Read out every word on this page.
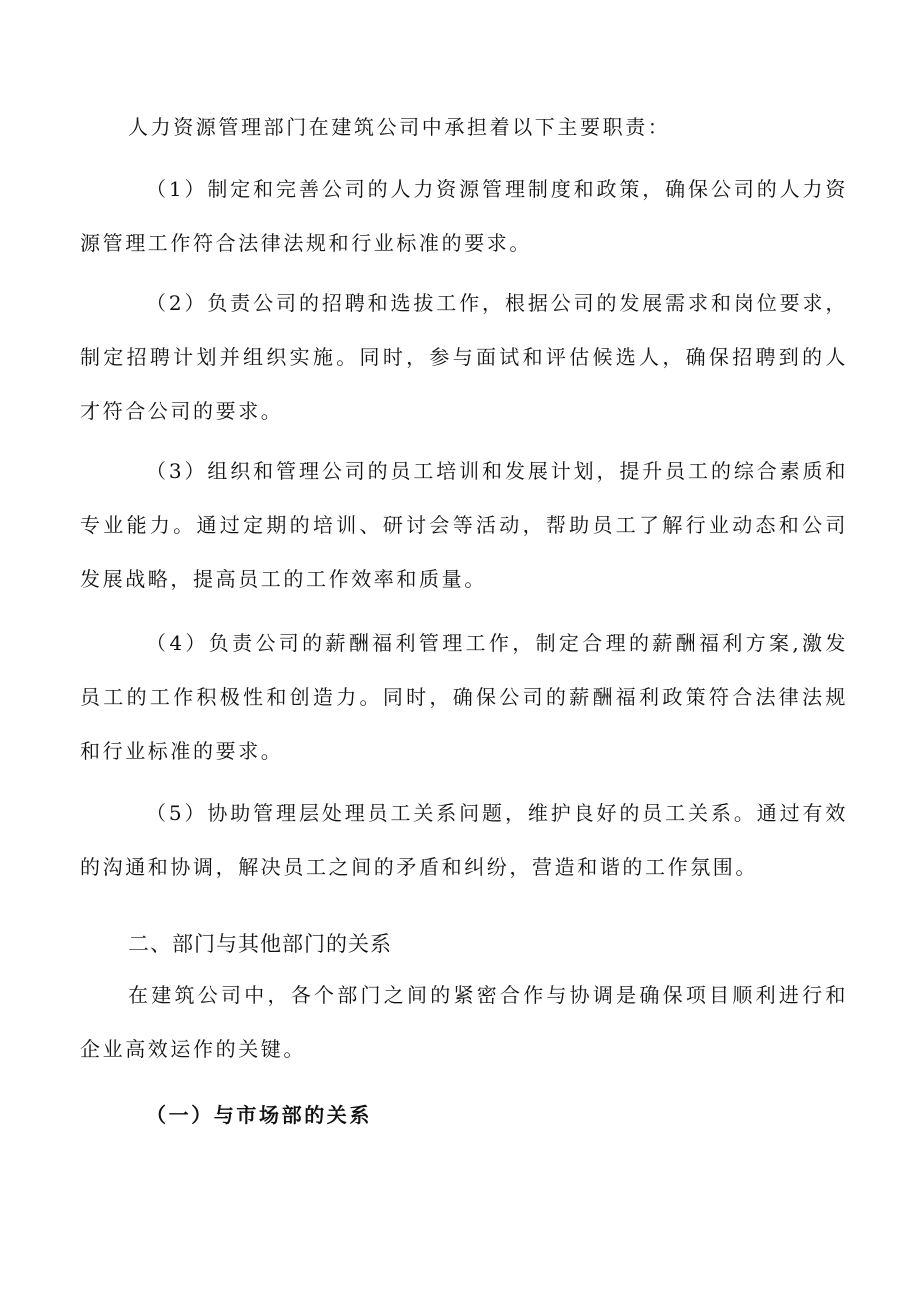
人力资源管理部门在建筑公司中承担着以下主要职责：

（1）制定和完善公司的人力资源管理制度和政策，确保公司的人力资源管理工作符合法律法规和行业标准的要求。

（2）负责公司的招聘和选拔工作，根据公司的发展需求和岗位要求，制定招聘计划并组织实施。同时，参与面试和评估候选人，确保招聘到的人才符合公司的要求。

（3）组织和管理公司的员工培训和发展计划，提升员工的综合素质和专业能力。通过定期的培训、研讨会等活动，帮助员工了解行业动态和公司发展战略，提高员工的工作效率和质量。

（4）负责公司的薪酬福利管理工作，制定合理的薪酬福利方案,激发员工的工作积极性和创造力。同时，确保公司的薪酬福利政策符合法律法规和行业标准的要求。

（5）协助管理层处理员工关系问题，维护良好的员工关系。通过有效的沟通和协调，解决员工之间的矛盾和纠纷，营造和谐的工作氛围。

二、部门与其他部门的关系

在建筑公司中，各个部门之间的紧密合作与协调是确保项目顺利进行和企业高效运作的关键。

（一）与市场部的关系
